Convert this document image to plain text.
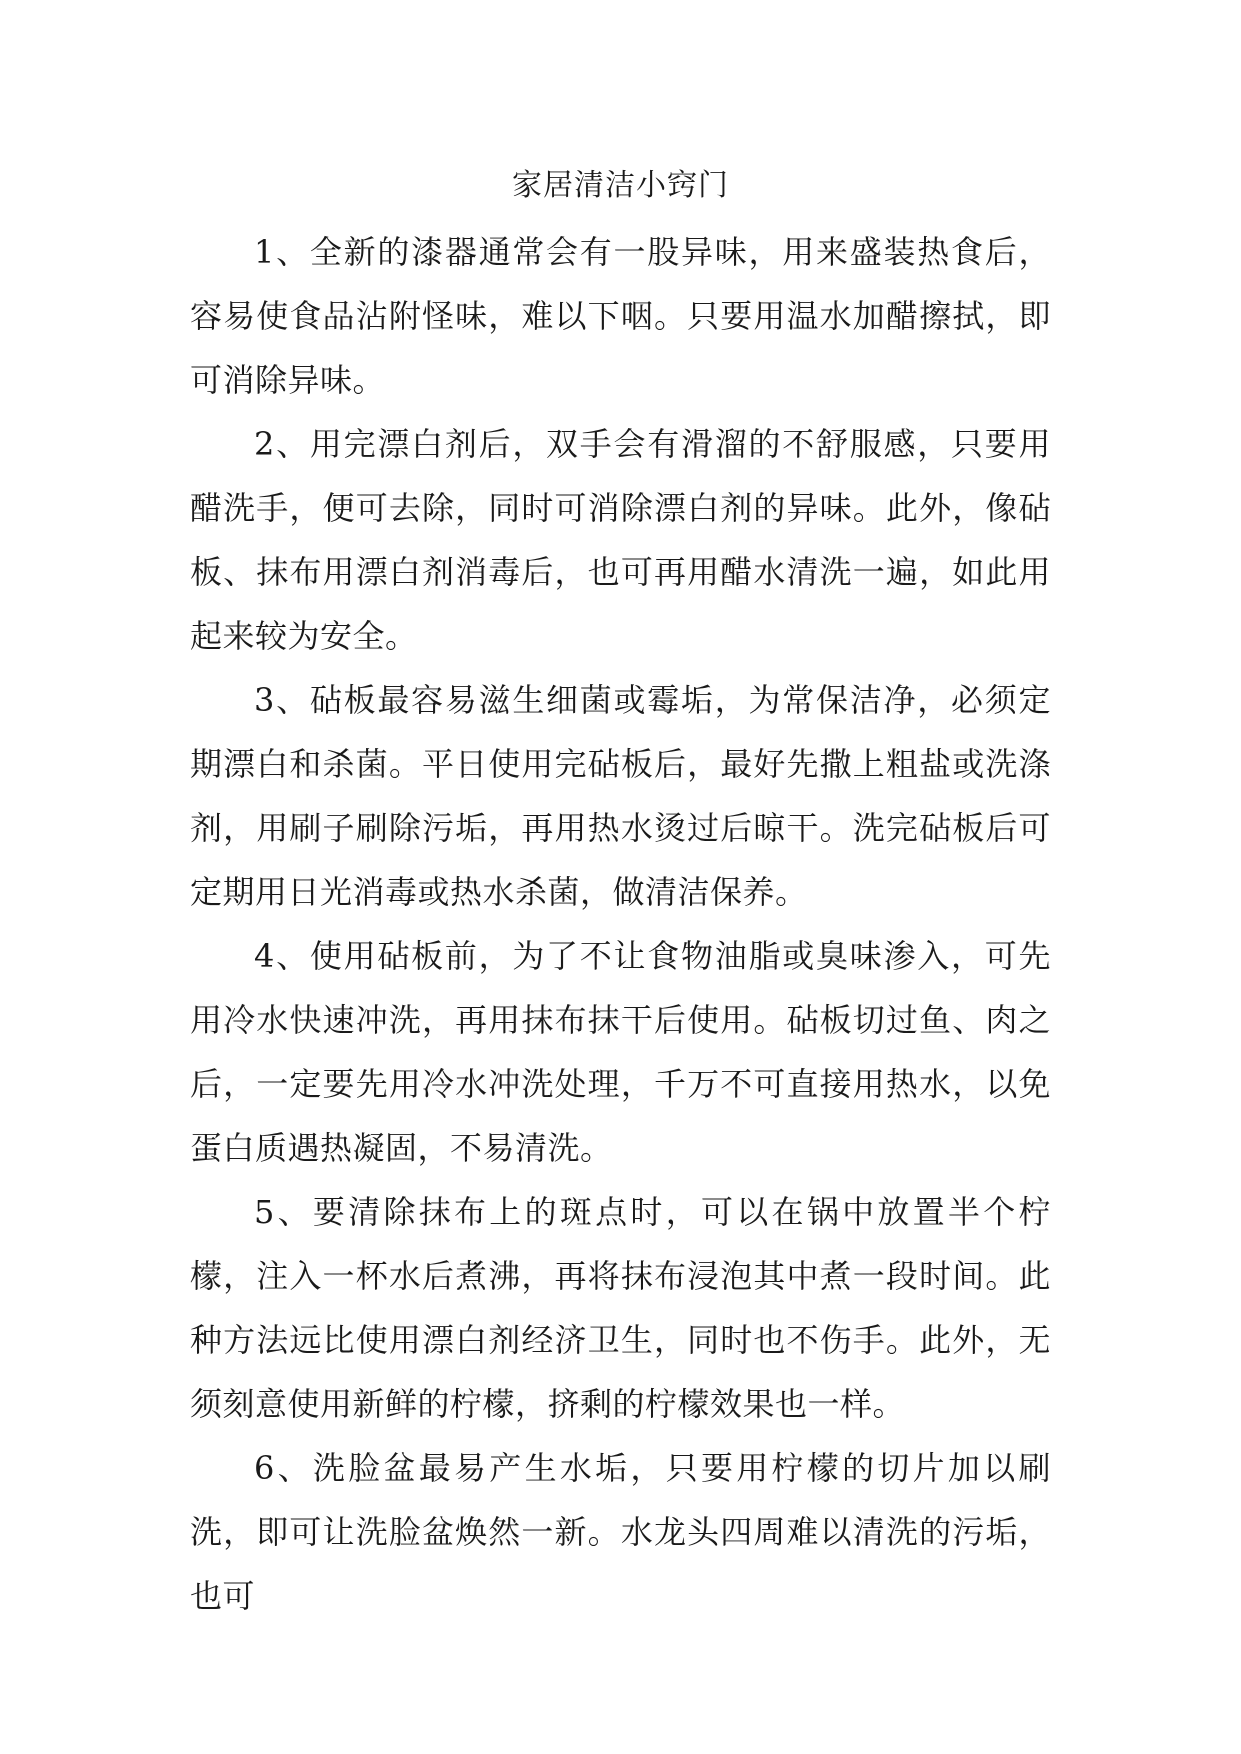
家居清洁小窍门

1、全新的漆器通常会有一股异味，用来盛装热食后，容易使食品沾附怪味，难以下咽。只要用温水加醋擦拭，即可消除异味。

2、用完漂白剂后，双手会有滑溜的不舒服感，只要用醋洗手，便可去除，同时可消除漂白剂的异味。此外，像砧板、抹布用漂白剂消毒后，也可再用醋水清洗一遍，如此用起来较为安全。

3、砧板最容易滋生细菌或霉垢，为常保洁净，必须定期漂白和杀菌。平日使用完砧板后，最好先撒上粗盐或洗涤剂，用刷子刷除污垢，再用热水烫过后晾干。洗完砧板后可定期用日光消毒或热水杀菌，做清洁保养。

4、使用砧板前，为了不让食物油脂或臭味渗入，可先用冷水快速冲洗，再用抹布抹干后使用。砧板切过鱼、肉之后，一定要先用冷水冲洗处理，千万不可直接用热水，以免蛋白质遇热凝固，不易清洗。

5、要清除抹布上的斑点时，可以在锅中放置半个柠檬，注入一杯水后煮沸，再将抹布浸泡其中煮一段时间。此种方法远比使用漂白剂经济卫生，同时也不伤手。此外，无须刻意使用新鲜的柠檬，挤剩的柠檬效果也一样。

6、洗脸盆最易产生水垢，只要用柠檬的切片加以刷洗，即可让洗脸盆焕然一新。水龙头四周难以清洗的污垢，也可
